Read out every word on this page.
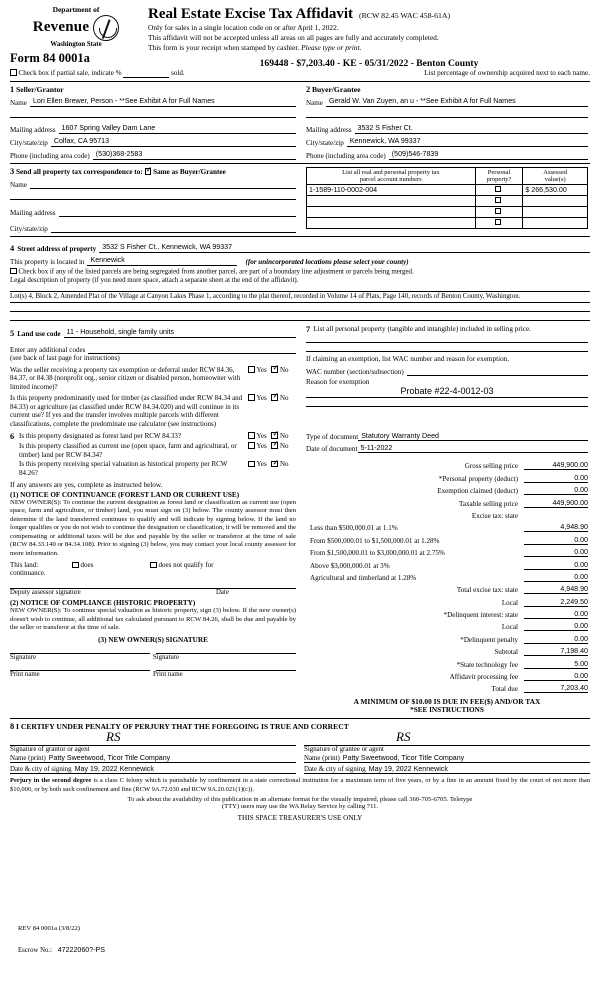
Department of
Revenue
Washington State
Form 84 0001a
Real Estate Excise Tax Affidavit (RCW 82.45 WAC 458-61A)
Only for sales in a single location code on or after April 1, 2022.
This affidavit will not be accepted unless all areas on all pages are fully and accurately completed.
This form is your receipt when stamped by cashier. Please type or print.
169448 - $7,203.40 - KE - 05/31/2022 - Benton County
List percentage of ownership acquired next to each name.
Check box if partial sale, indicate %	sold.
1 Seller/Grantor
Name Lori Ellen Brewer, Person - **See Exhibit A for Full Names
Mailing address 1607 Spring Valley Dam Lane
City/state/zip Colfax, CA 95713
Phone (including area code) (530)368-2583
2 Buyer/Grantee
Name Gerald W. Van Zuyen, an u - **See Exhibit A for Full Names
Mailing address 3532 S Fisher Ct.
City/state/zip Kennewick, WA 99337
Phone (including area code) (509)546-7839
3 Send all property tax correspondence to: ✓ Same as Buyer/Grantee
Name
Mailing address
City/state/zip
List all real and personal property tax
parcel account numbers

Personal
property?

Assessed
value(s)

1-1589-110-0002-004		$ 266,530.00

4 Street address of property 3532 S Fisher Ct., Kennewick, WA 99337
This property is located in Kennewick	(for unincorporated locations please select your county)
Check box if any of the listed parcels are being segregated from another parcel, are part of a boundary line adjustment or parcels being merged.
Legal description of property (if you need more space, attach a separate sheet at the end of the affidavit).
Lot(s) 4, Block 2, Amended Plat of the Village at Canyon Lakes Phase 1, according to the plat thereof, recorded in Volume 14 of Plats, Page 140, records of Benton County, Washington.
5 Land use code 11 - Household, single family units
Enter any additional codes
(see back of last page for instructions)
Was the seller receiving a property tax exemption or deferral under RCW 84.36, 84.37, or 84.38 (nonprofit org., senior citizen or disabled person, homeowner with limited income)?
Yes ✓ No
Is this property predominantly used for timber (as classified under RCW 84.34 and 84.33) or agriculture (as classified under RCW 84.34.020) and will continue in its current use? If yes and the transfer involves multiple parcels with different classifications, complete the predominate use calculator (see instructions)
Yes ✓ No
7 List all personal property (tangible and intangible) included in selling price.
If claiming an exemption, list WAC number and reason for exemption.
WAC number (section/subsection)
Reason for exemption
Probate #22-4-0012-03
6 Is this property designated as forest land per RCW 84.33?	Yes ✓ No
Is this property classified as current use (open space, farm and agricultural, or timber) land per RCW 84.34?
Yes ✓ No
Is this property receiving special valuation as historical property per RCW 84.26?
Yes ✓ No
If any answers are yes, complete as instructed below.
(1) NOTICE OF CONTINUANCE (FOREST LAND OR CURRENT USE)
NEW OWNER(S): To continue the current designation as forest land or classification as current use (open space, farm and agriculture, or timber) land, you must sign on (3) below. The county assessor must then determine if the land transferred continues to qualify and will indicate by signing below. If the land no longer qualifies or you do not wish to continue the designation or classification, it will be removed and the compensating or additional taxes will be due and payable by the seller or transferor at the time of sale (RCW 84.33.140 or 84.34.108). Prior to signing (3) below, you may contact your local county assessor for more information.
This land:	does	does not qualify for
continuance.
Deputy assessor signature	Date
(2) NOTICE OF COMPLIANCE (HISTORIC PROPERTY)
NEW OWNER(S): To continue special valuation as historic property, sign (3) below. If the new owner(s) doesn't wish to continue, all additional tax calculated pursuant to RCW 84.26, shall be due and payable by the seller or transferor at the time of sale.
(3) NEW OWNER(S) SIGNATURE
Signature	Signature
Print name	Print name
Type of document Statutory Warranty Deed
Date of document 5-11-2022
Gross selling price	449,900.00
*Personal property (deduct)	0.00
Exemption claimed (deduct)	0.00
Taxable selling price	449,900.00
Excise tax: state
Less than $500,000.01 at 1.1%	4,948.90
From $500,000.01 to $1,500,000.01 at 1.28%	0.00
From $1,500,000.01 to $3,000,000.01 at 2.75%	0.00
Above $3,000,000.01 at 3%	0.00
Agricultural and timberland at 1.28%	0.00
Total excise tax: state	4,948.90
Local	2,249.50
*Delinquent interest: state	0.00
Local	0.00
*Delinquent penalty	0.00
Subtotal	7,198.40
*State technology fee	5.00
Affidavit processing fee	0.00
Total due	7,203.40
A MINIMUM OF $10.00 IS DUE IN FEE($) AND/OR TAX
*SEE INSTRUCTIONS
8 I CERTIFY UNDER PENALTY OF PERJURY THAT THE FOREGOING IS TRUE AND CORRECT
RS
Signature of grantor or agent
Name (print) Patty Sweetwood, Ticor Title Company
Date & city of signing May 19, 2022 Kennewick
RS
Signature of grantee or agent
Name (print) Patty Sweetwood, Ticor Title Company
Date & city of signing May 19, 2022 Kennewick
Perjury in the second degree is a class C felony which is punishable by confinement in a state correctional institution for a maximum term of five years, or by a fine in an amount fixed by the court of not more than $10,000, or by both such confinement and fine (RCW 9A.72.030 and RCW 9A.20.021(1)(c)).
To ask about the availability of this publication in an alternate format for the visually impaired, please call 360-705-6705. Teletype
(TTY) users may use the WA Relay Service by calling 711.
THIS SPACE TREASURER'S USE ONLY
REV 84 0001a (3/8/22)
Escrow No.: 47222060?-PS
